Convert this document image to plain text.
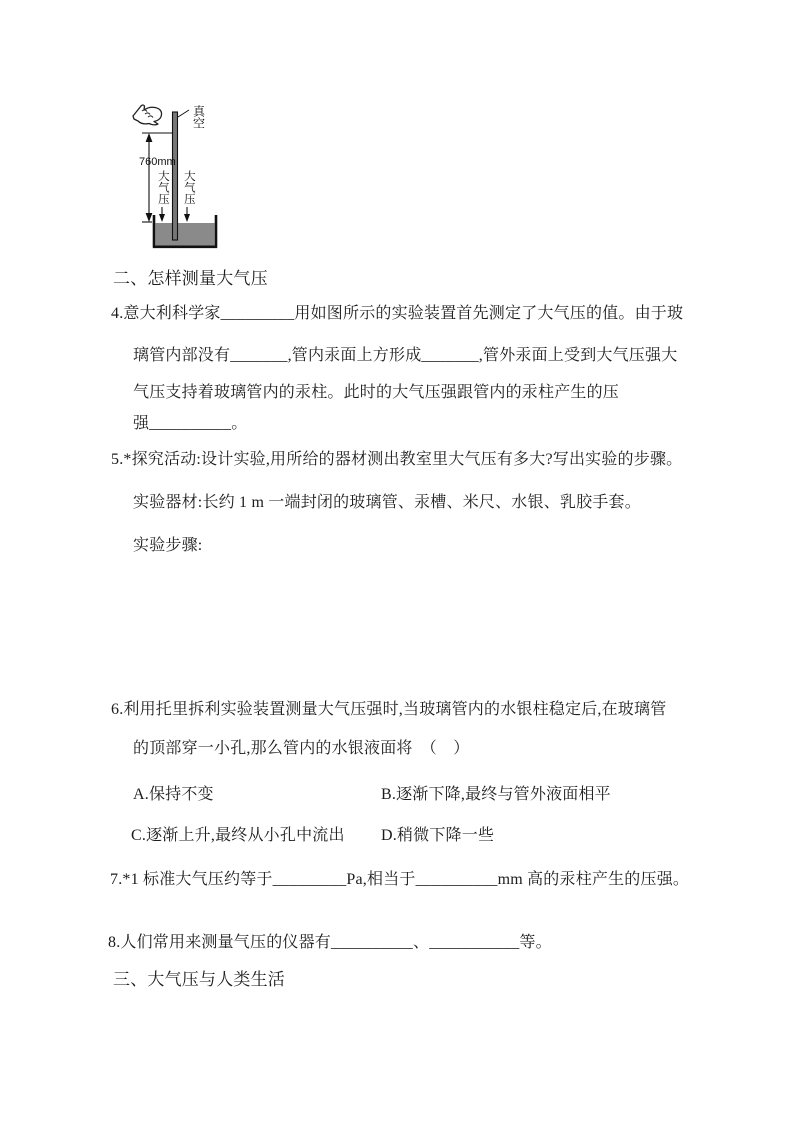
真空
760mm
大气压 大气压
二、怎样测量大气压
4.意大利科学家_________用如图所示的实验装置首先测定了大气压的值。由于玻
璃管内部没有_______,管内汞面上方形成_______,管外汞面上受到大气压强大
气压支持着玻璃管内的汞柱。此时的大气压强跟管内的汞柱产生的压
强__________。
5.*探究活动:设计实验,用所给的器材测出教室里大气压有多大?写出实验的步骤。
实验器材:长约 1 m 一端封闭的玻璃管、汞槽、米尺、水银、乳胶手套。
实验步骤:
6.利用托里拆利实验装置测量大气压强时,当玻璃管内的水银柱稳定后,在玻璃管
的顶部穿一小孔,那么管内的水银液面将　（　）
A.保持不变	B.逐渐下降,最终与管外液面相平
C.逐渐上升,最终从小孔中流出 D.稍微下降一些
7.*1 标准大气压约等于_________Pa,相当于__________mm 高的汞柱产生的压强。
8.人们常用来测量气压的仪器有__________、___________等。
三、大气压与人类生活
